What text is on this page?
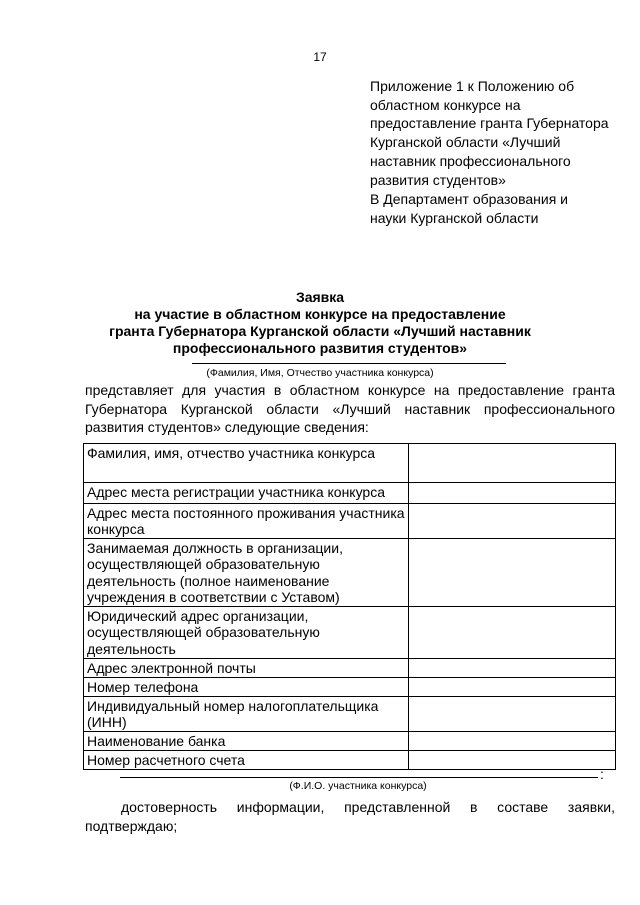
17
Приложение 1 к Положению об
областном конкурсе на
предоставление гранта Губернатора
Курганской области «Лучший
наставник профессионального
развития студентов»
В Департамент образования и
науки Курганской области
Заявка
на участие в областном конкурсе на предоставление
гранта Губернатора Курганской области «Лучший наставник
профессионального развития студентов»
(Фамилия, Имя, Отчество участника конкурса)
представляет для участия в областном конкурсе на предоставление гранта
Губернатора Курганской области «Лучший наставник профессионального
развития студентов» следующие сведения:
Фамилия, имя, отчество участника конкурса	

Адрес места регистрации участника конкурса	

Адрес места постоянного проживания участника
конкурса	

Занимаемая должность в организации,
осуществляющей образовательную
деятельность (полное наименование
учреждения в соответствии с Уставом)	

Юридический адрес организации,
осуществляющей образовательную
деятельность	

Адрес электронной почты	

Номер телефона	

Индивидуальный номер налогоплательщика
(ИНН)	

Наименование банка	

Номер расчетного счета	

:
(Ф.И.О. участника конкурса)
достоверность информации, представленной в составе заявки,
подтверждаю;
